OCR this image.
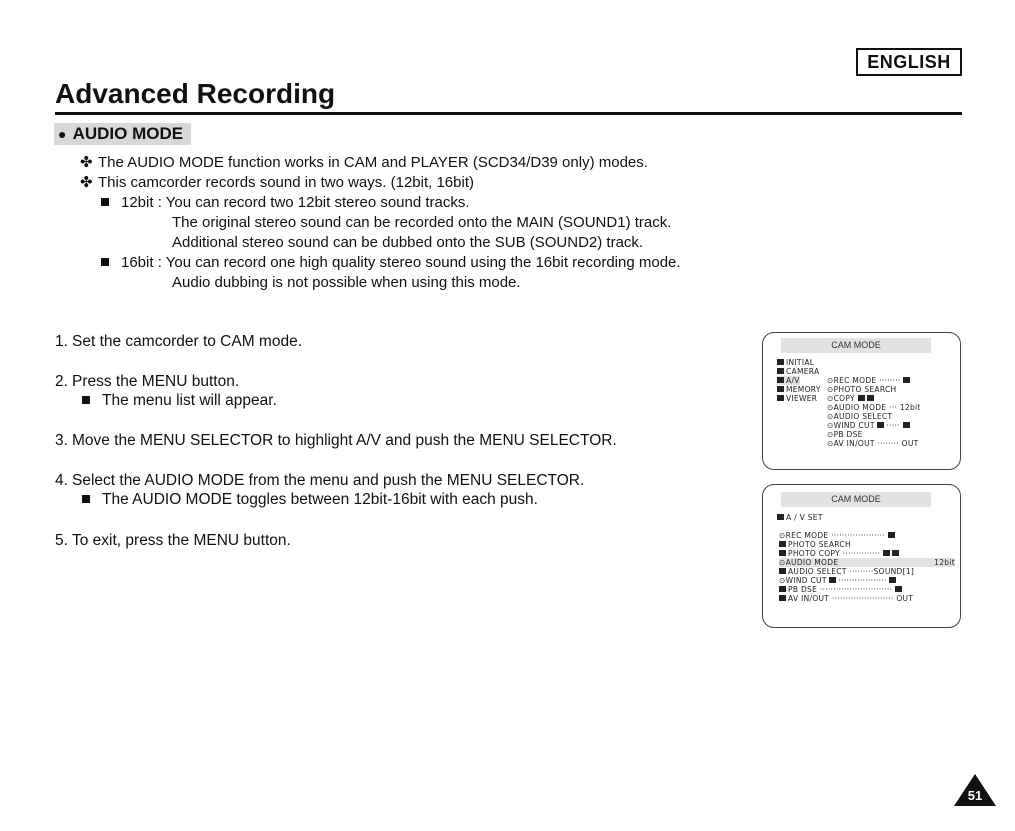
ENGLISH
Advanced Recording
● AUDIO MODE
✤ The AUDIO MODE function works in CAM and PLAYER (SCD34/D39 only) modes.
✤ This camcorder records sound in two ways. (12bit, 16bit)
12bit : You can record two 12bit stereo sound tracks.
The original stereo sound can be recorded onto the MAIN (SOUND1) track.
Additional stereo sound can be dubbed onto the SUB (SOUND2) track.
16bit : You can record one high quality stereo sound using the 16bit recording mode.
Audio dubbing is not possible when using this mode.
1. Set the camcorder to CAM mode.
2. Press the MENU button.
The menu list will appear.
3. Move the MENU SELECTOR to highlight A/V and push the MENU SELECTOR.
4. Select the AUDIO MODE from the menu and push the MENU SELECTOR.
The AUDIO MODE toggles between 12bit-16bit with each push.
5. To exit, press the MENU button.
CAM MODE
INITIAL
CAMERA
A/V
MEMORY
VIEWER
⊙REC MODE ········
⊙PHOTO SEARCH
⊙COPY
⊙AUDIO MODE ··· 12bit
⊙AUDIO SELECT
⊙WIND CUT ·····
⊙PB DSE
⊙AV IN/OUT ········ OUT
CAM MODE
A / V SET
⊙REC MODE ····················
PHOTO SEARCH
PHOTO COPY ··············
⊙AUDIO MODE	12bit
AUDIO SELECT ·········SOUND[1]
⊙WIND CUT ··················
PB DSE ···························
AV IN/OUT ······················· OUT
51
